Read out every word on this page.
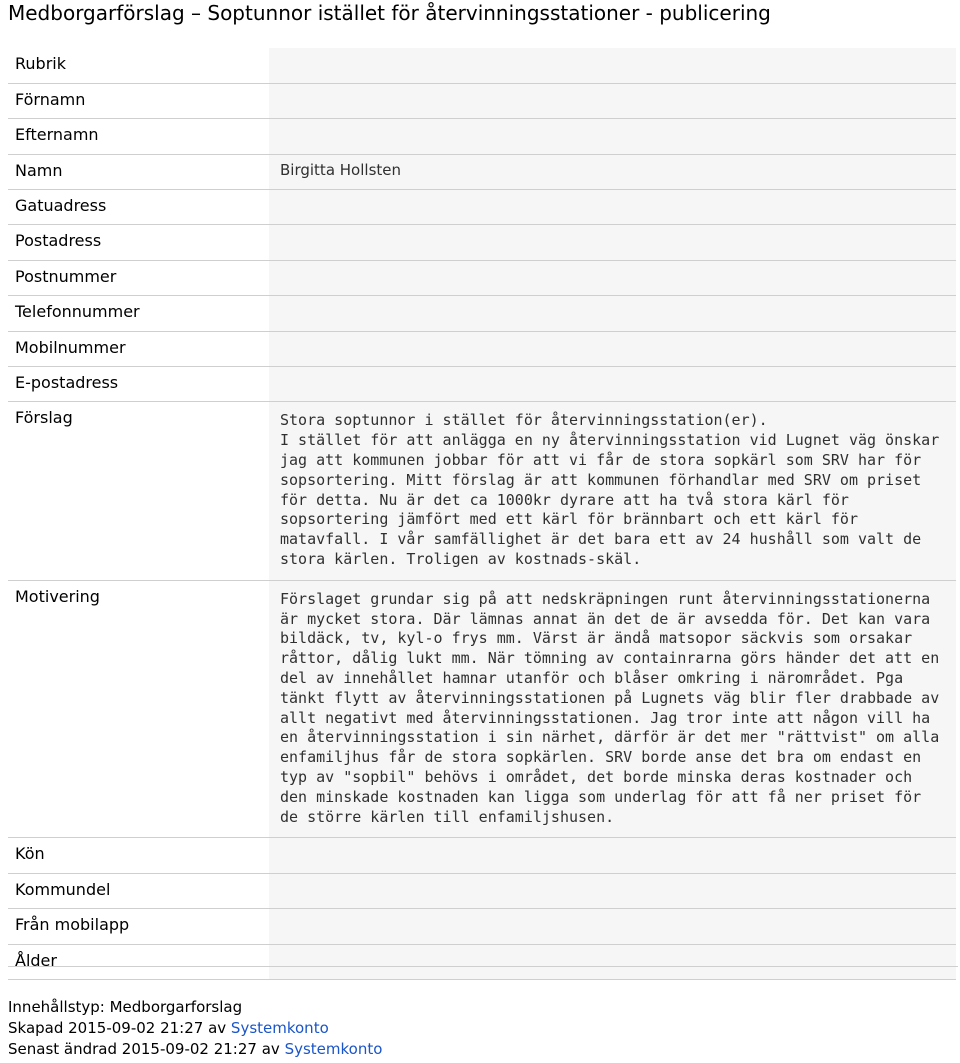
Medborgarförslag – Soptunnor istället för återvinningsstationer - publicering
Rubrik	
Förnamn	
Efternamn	
Namn	Birgitta Hollsten
Gatuadress	
Postadress	
Postnummer	
Telefonnummer	
Mobilnummer	
E-postadress	
Förslag	Stora soptunnor i stället för återvinningsstation(er).
I stället för att anlägga en ny återvinningsstation vid Lugnet väg önskar jag att kommunen jobbar för att vi får de stora sopkärl som SRV har för sopsortering. Mitt förslag är att kommunen förhandlar med SRV om priset för detta. Nu är det ca 1000kr dyrare att ha två stora kärl för sopsortering jämfört med ett kärl för brännbart och ett kärl för matavfall. I vår samfällighet är det bara ett av 24 hushåll som valt de stora kärlen. Troligen av kostnads-skäl.
Motivering	Förslaget grundar sig på att nedskräpningen runt återvinningsstationerna är mycket stora. Där lämnas annat än det de är avsedda för. Det kan vara bildäck, tv, kyl-o frys mm. Värst är ändå matsopor säckvis som orsakar råttor, dålig lukt mm. När tömning av containrarna görs händer det att en del av innehållet hamnar utanför och blåser omkring i närområdet. Pga tänkt flytt av återvinningsstationen på Lugnets väg blir fler drabbade av allt negativt med återvinningsstationen. Jag tror inte att någon vill ha en återvinningsstation i sin närhet, därför är det mer "rättvist" om alla enfamiljhus får de stora sopkärlen. SRV borde anse det bra om endast en typ av "sopbil" behövs i området, det borde minska deras kostnader och den minskade kostnaden kan ligga som underlag för att få ner priset för de större kärlen till enfamiljshusen.
Kön	
Kommundel	
Från mobilapp	
Ålder	
Innehållstyp: Medborgarforslag
Skapad 2015-09-02 21:27 av Systemkonto
Senast ändrad 2015-09-02 21:27 av Systemkonto
